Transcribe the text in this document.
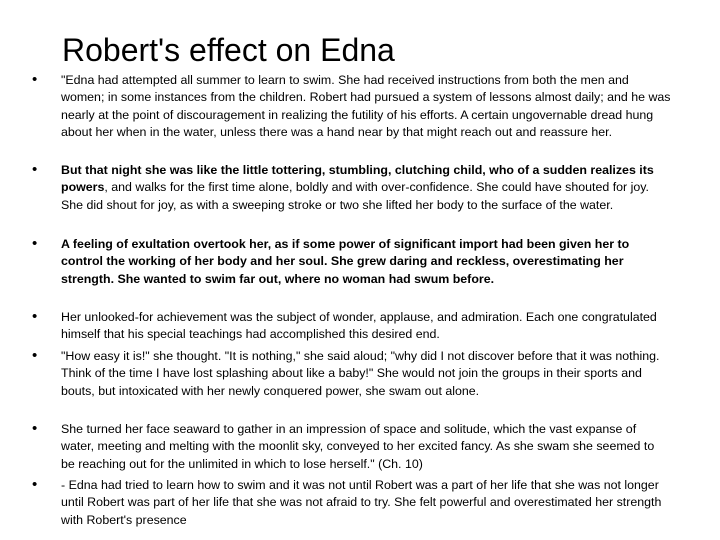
Robert's effect on Edna
• "Edna had attempted all summer to learn to swim. She had received instructions from both the men and women; in some instances from the children. Robert had pursued a system of lessons almost daily; and he was nearly at the point of discouragement in realizing the futility of his efforts. A certain ungovernable dread hung about her when in the water, unless there was a hand near by that might reach out and reassure her.
• But that night she was like the little tottering, stumbling, clutching child, who of a sudden realizes its powers, and walks for the first time alone, boldly and with over-confidence. She could have shouted for joy. She did shout for joy, as with a sweeping stroke or two she lifted her body to the surface of the water.
• A feeling of exultation overtook her, as if some power of significant import had been given her to control the working of her body and her soul. She grew daring and reckless, overestimating her strength. She wanted to swim far out, where no woman had swum before.
• Her unlooked-for achievement was the subject of wonder, applause, and admiration. Each one congratulated himself that his special teachings had accomplished this desired end.
• "How easy it is!" she thought. "It is nothing," she said aloud; "why did I not discover before that it was nothing. Think of the time I have lost splashing about like a baby!" She would not join the groups in their sports and bouts, but intoxicated with her newly conquered power, she swam out alone.
• She turned her face seaward to gather in an impression of space and solitude, which the vast expanse of water, meeting and melting with the moonlit sky, conveyed to her excited fancy. As she swam she seemed to be reaching out for the unlimited in which to lose herself." (Ch. 10)
• - Edna had tried to learn how to swim and it was not until Robert was a part of her life that she was not longer until Robert was part of her life that she was not afraid to try. She felt powerful and overestimated her strength with Robert's presence
